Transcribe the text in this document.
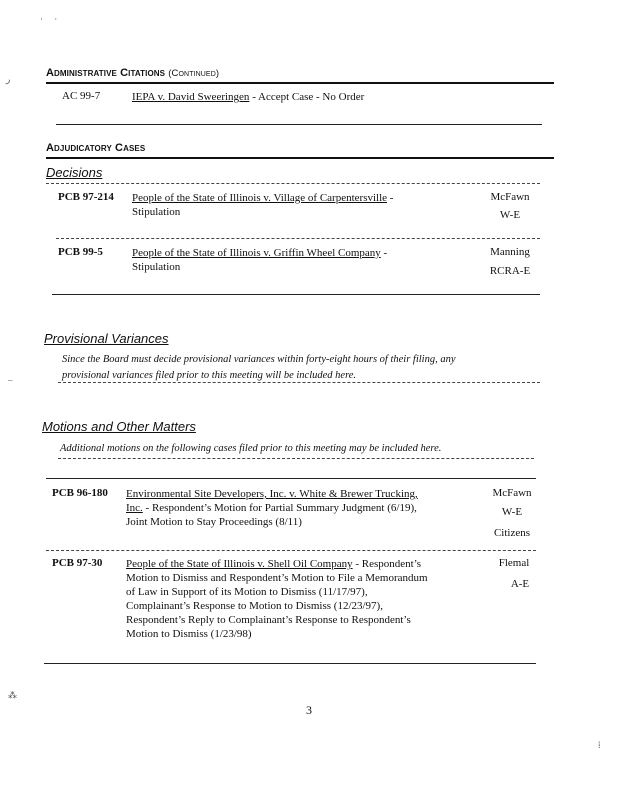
·     ·
ر
–
⁂
⁞
Administrative Citations (Continued)
AC 99-7	IEPA v. David Sweeringen - Accept Case - No Order
Adjudicatory Cases
Decisions
PCB 97-214 People of the State of Illinois v. Village of Carpentersville -
Stipulation
McFawn
W-E
PCB 99-5	People of the State of Illinois v. Griffin Wheel Company -
Stipulation
Manning
RCRA-E
Provisional Variances
Since the Board must decide provisional variances within forty-eight hours of their filing, any
provisional variances filed prior to this meeting will be included here.
Motions and Other Matters
Additional motions on the following cases filed prior to this meeting may be included here.
PCB 96-180 Environmental Site Developers, Inc. v. White & Brewer Trucking,
Inc. - Respondent’s Motion for Partial Summary Judgment (6/19),
Joint Motion to Stay Proceedings (8/11)
McFawn
W-E
Citizens
PCB 97-30 People of the State of Illinois v. Shell Oil Company - Respondent’s
Motion to Dismiss and Respondent’s Motion to File a Memorandum
of Law in Support of its Motion to Dismiss (11/17/97),
Complainant’s Response to Motion to Dismiss (12/23/97),
Respondent’s Reply to Complainant’s Response to Respondent’s
Motion to Dismiss (1/23/98)
Flemal
A-E
3
